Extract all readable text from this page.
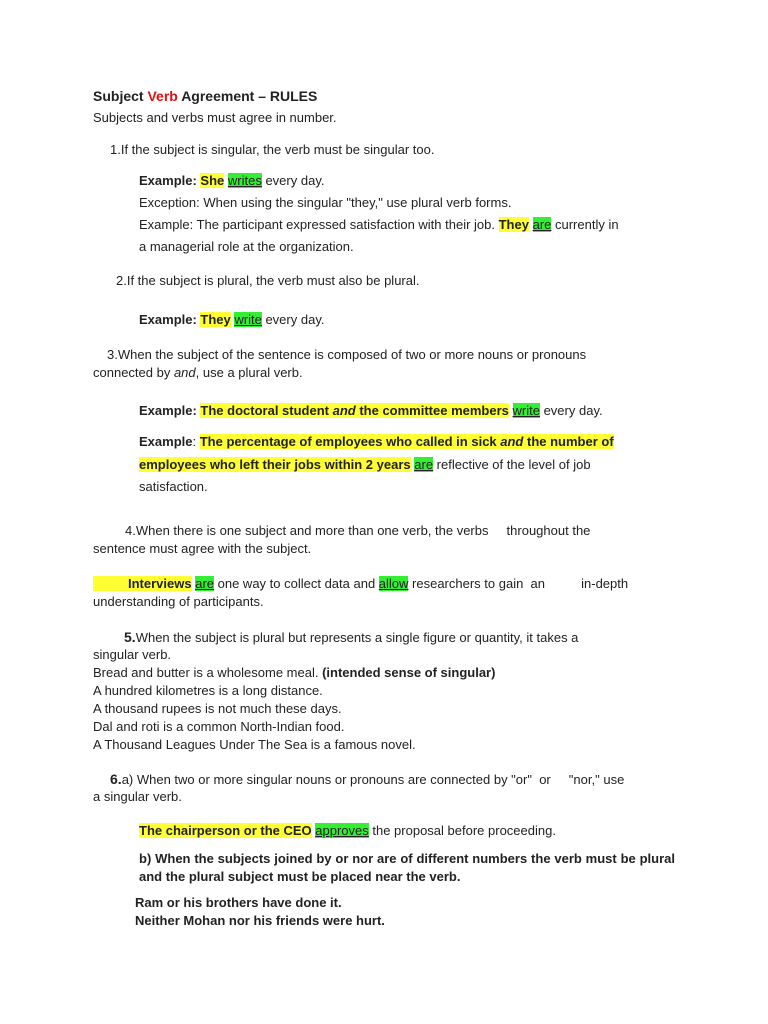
Subject Verb Agreement – RULES
Subjects and verbs must agree in number.
1.If the subject is singular, the verb must be singular too.
Example: She writes every day.
Exception: When using the singular "they," use plural verb forms.
Example: The participant expressed satisfaction with their job. They are currently in
a managerial role at the organization.
2.If the subject is plural, the verb must also be plural.
Example: They write every day.
3.When the subject of the sentence is composed of two or more nouns or pronouns
connected by and, use a plural verb.
Example: The doctoral student and the committee members write every day.
Example: The percentage of employees who called in sick and the number of
employees who left their jobs within 2 years are reflective of the level of job
satisfaction.
4.When there is one subject and more than one verb, the verbs     throughout the
sentence must agree with the subject.
Interviews are one way to collect data and allow researchers to gain  an          in-depth
understanding of participants.
5.When the subject is plural but represents a single figure or quantity, it takes a
singular verb.
Bread and butter is a wholesome meal. (intended sense of singular)
A hundred kilometres is a long distance.
A thousand rupees is not much these days.
Dal and roti is a common North-Indian food.
A Thousand Leagues Under The Sea is a famous novel.
6.a) When two or more singular nouns or pronouns are connected by "or"  or     "nor," use
a singular verb.
The chairperson or the CEO approves the proposal before proceeding.
b) When the subjects joined by or nor are of different numbers the verb must be plural and the plural subject must be placed near the verb.
Ram or his brothers have done it.
Neither Mohan nor his friends were hurt.
